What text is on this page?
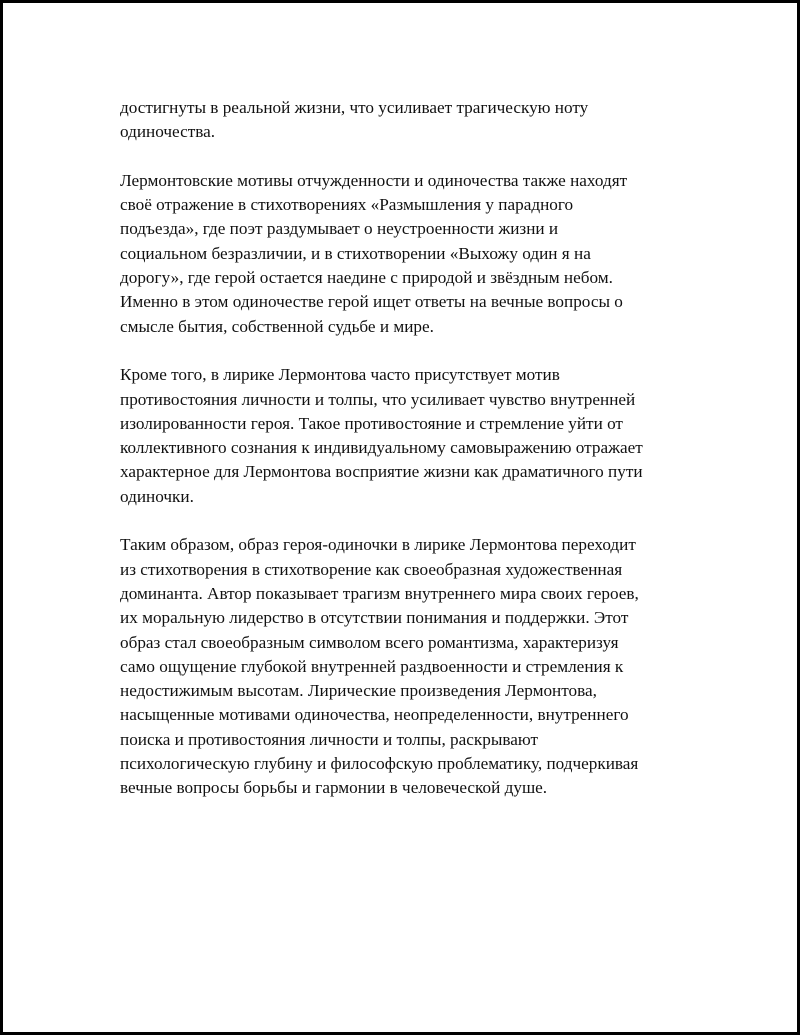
достигнуты в реальной жизни, что усиливает трагическую ноту
одиночества.

Лермонтовские мотивы отчужденности и одиночества также находят
своё отражение в стихотворениях «Размышления у парадного
подъезда», где поэт раздумывает о неустроенности жизни и
социальном безразличии, и в стихотворении «Выхожу один я на
дорогу», где герой остается наедине с природой и звёздным небом.
Именно в этом одиночестве герой ищет ответы на вечные вопросы о
смысле бытия, собственной судьбе и мире.

Кроме того, в лирике Лермонтова часто присутствует мотив
противостояния личности и толпы, что усиливает чувство внутренней
изолированности героя. Такое противостояние и стремление уйти от
коллективного сознания к индивидуальному самовыражению отражает
характерное для Лермонтова восприятие жизни как драматичного пути
одиночки.

Таким образом, образ героя-одиночки в лирике Лермонтова переходит
из стихотворения в стихотворение как своеобразная художественная
доминанта. Автор показывает трагизм внутреннего мира своих героев,
их моральную лидерство в отсутствии понимания и поддержки. Этот
образ стал своеобразным символом всего романтизма, характеризуя
само ощущение глубокой внутренней раздвоенности и стремления к
недостижимым высотам. Лирические произведения Лермонтова,
насыщенные мотивами одиночества, неопределенности, внутреннего
поиска и противостояния личности и толпы, раскрывают
психологическую глубину и философскую проблематику, подчеркивая
вечные вопросы борьбы и гармонии в человеческой душе.
